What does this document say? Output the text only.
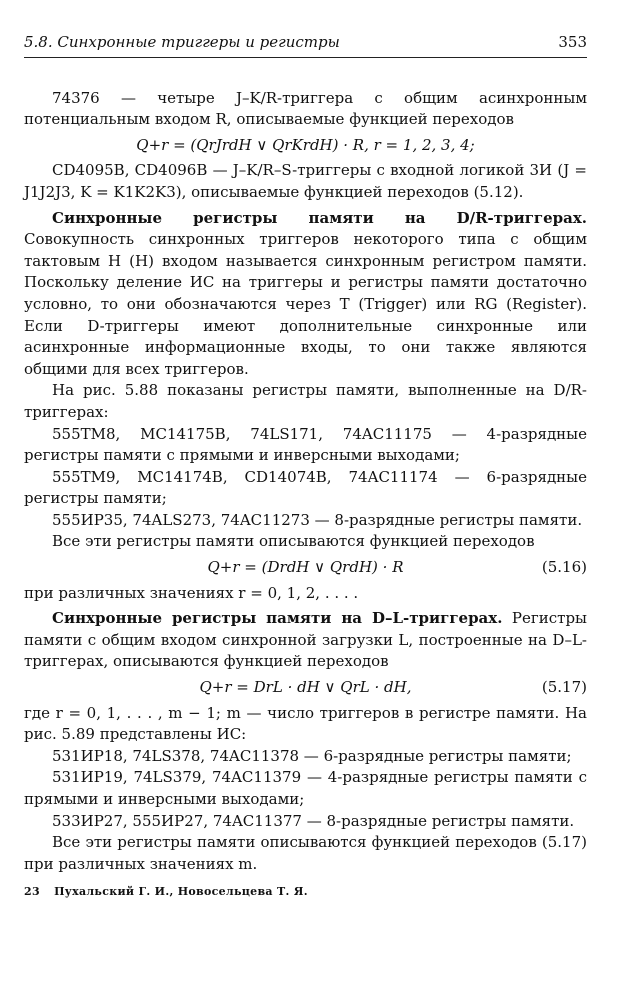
5.8. Синхронные триггеры и регистры	353

74376 — четыре J–K/R-триггера с общим асинхронным потенциальным входом R, описываемые функцией переходов

Q+r = (QrJrdH ∨ QrKrdH) · R, r = 1, 2, 3, 4;

CD4095B, CD4096B — J–K/R–S-триггеры с входной логикой 3И (J = J1J2J3, K = K1K2K3), описываемые функцией переходов (5.12).

Синхронные регистры памяти на D/R-триггерах. Совокупность синхронных триггеров некоторого типа с общим тактовым H (H) входом называется синхронным регистром памяти. Поскольку деление ИС на триггеры и регистры памяти достаточно условно, то они обозначаются через T (Trigger) или RG (Register). Если D-триггеры имеют дополнительные синхронные или асинхронные информационные входы, то они также являются общими для всех триггеров.

На рис. 5.88 показаны регистры памяти, выполненные на D/R-триггерах:

555ТМ8, MC14175B, 74LS171, 74AC11175 — 4-разрядные регистры памяти с прямыми и инверсными выходами;

555ТМ9, MC14174B, CD14074B, 74AC11174 — 6-разрядные регистры памяти;

555ИР35, 74ALS273, 74AC11273 — 8-разрядные регистры памяти.

Все эти регистры памяти описываются функцией переходов

Q+r = (DrdH ∨ QrdH) · R	(5.16)

при различных значениях r = 0, 1, 2, . . . .

Синхронные регистры памяти на D–L-триггерах. Регистры памяти с общим входом синхронной загрузки L, построенные на D–L-триггерах, описываются функцией переходов

Q+r = DrL · dH ∨ QrL · dH,	(5.17)

где r = 0, 1, . . . , m − 1; m — число триггеров в регистре памяти. На рис. 5.89 представлены ИС:

531ИР18, 74LS378, 74AC11378 — 6-разрядные регистры памяти;

531ИР19, 74LS379, 74AC11379 — 4-разрядные регистры памяти с прямыми и инверсными выходами;

533ИР27, 555ИР27, 74AC11377 — 8-разрядные регистры памяти.

Все эти регистры памяти описываются функцией переходов (5.17) при различных значениях m.

23 Пухальский Г. И., Новосельцева Т. Я.
